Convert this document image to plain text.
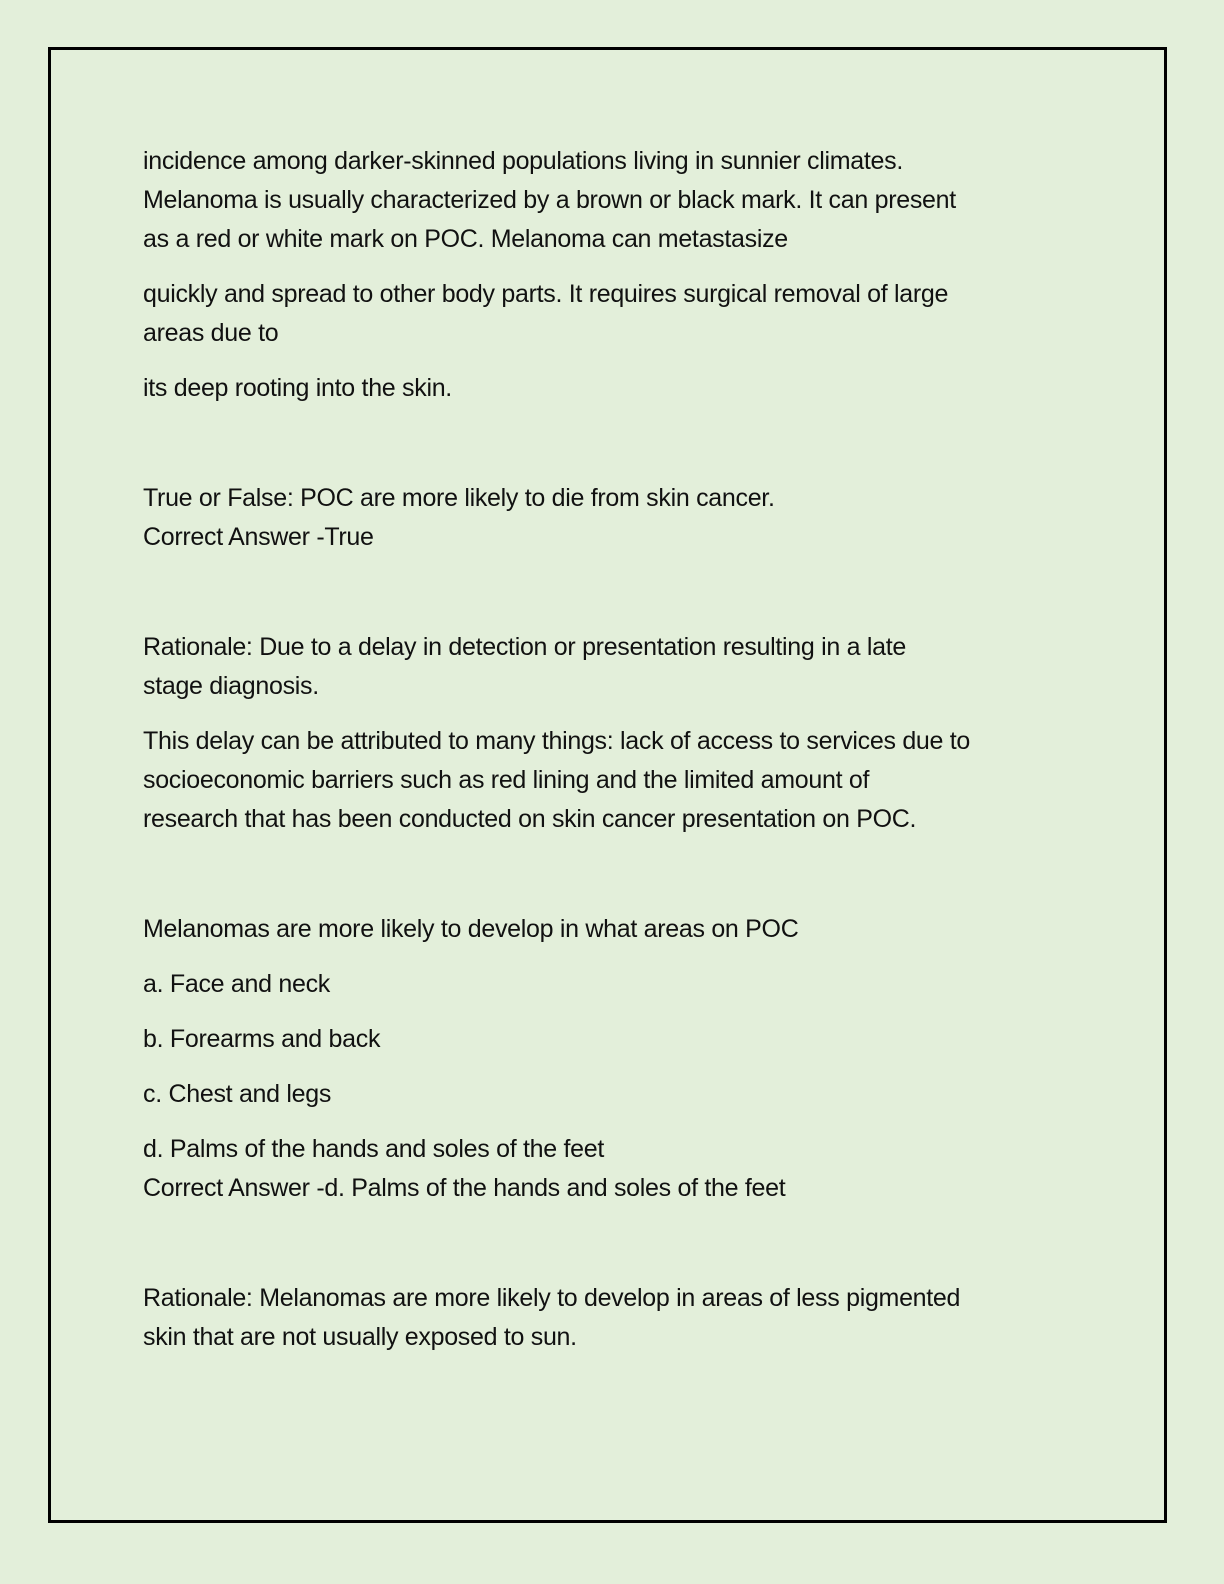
incidence among darker-skinned populations living in sunnier climates.
Melanoma is usually characterized by a brown or black mark. It can present
as a red or white mark on POC. Melanoma can metastasize

quickly and spread to other body parts. It requires surgical removal of large
areas due to

its deep rooting into the skin.

True or False: POC are more likely to die from skin cancer.
Correct Answer -True

Rationale: Due to a delay in detection or presentation resulting in a late
stage diagnosis.

This delay can be attributed to many things: lack of access to services due to
socioeconomic barriers such as red lining and the limited amount of
research that has been conducted on skin cancer presentation on POC.

Melanomas are more likely to develop in what areas on POC

a. Face and neck

b. Forearms and back

c. Chest and legs

d. Palms of the hands and soles of the feet
Correct Answer -d. Palms of the hands and soles of the feet

Rationale: Melanomas are more likely to develop in areas of less pigmented
skin that are not usually exposed to sun.
